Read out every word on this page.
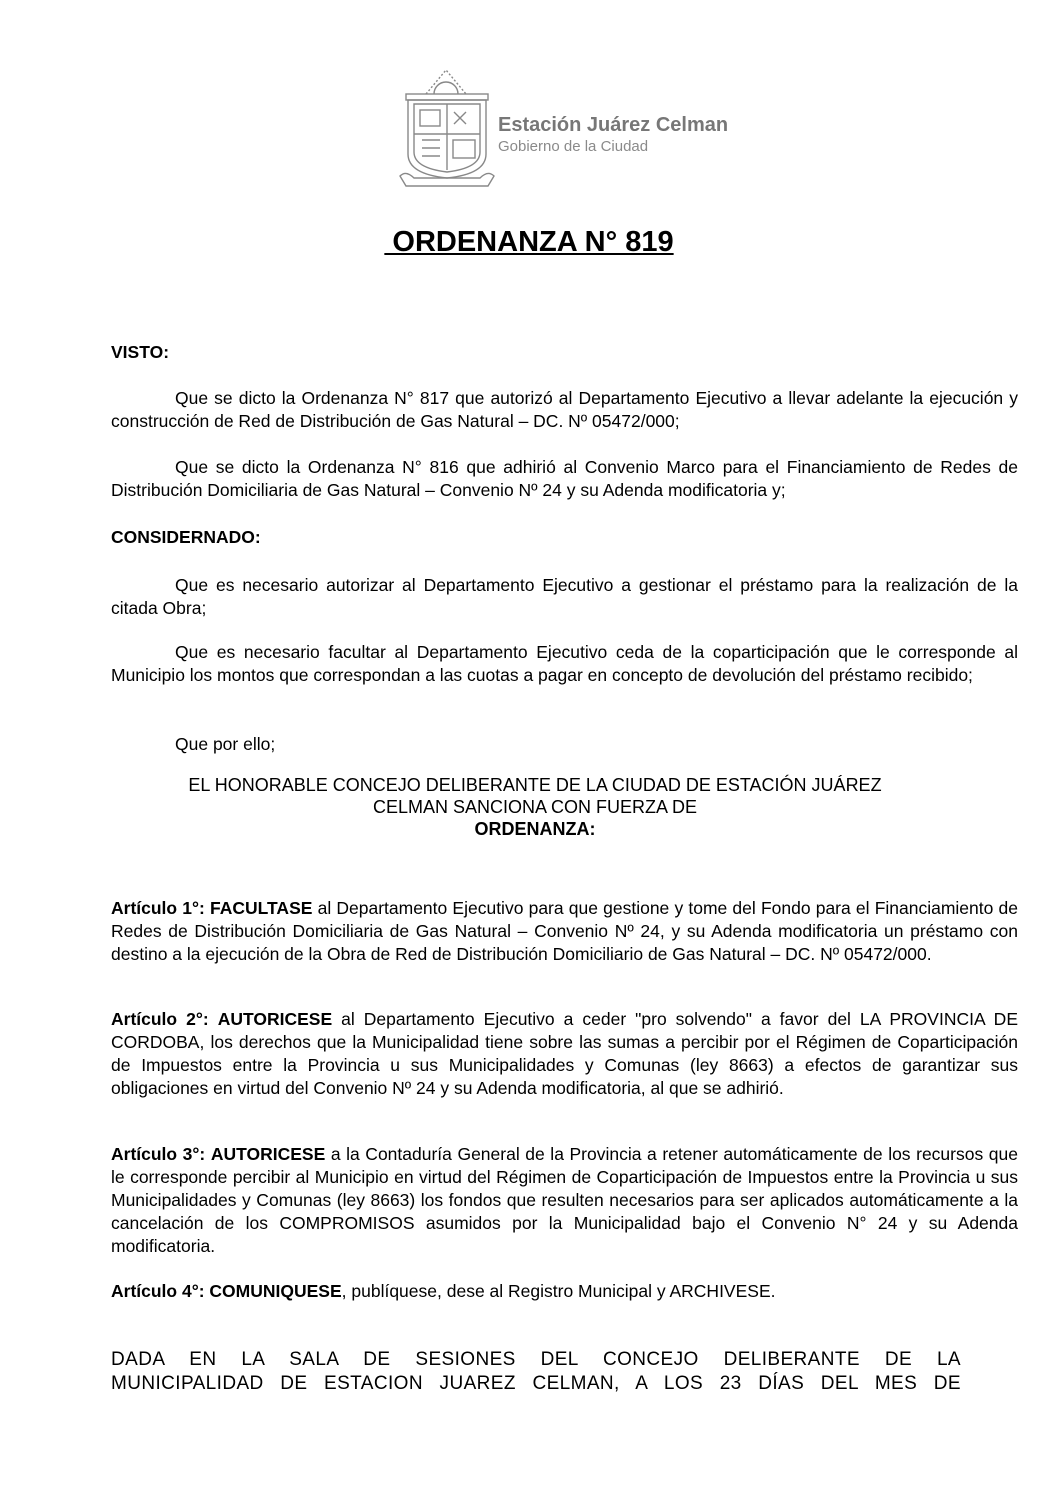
Estación Juárez Celman
Gobierno de la Ciudad
ORDENANZA N° 819
VISTO:
Que se dicto la Ordenanza N° 817 que autorizó al Departamento Ejecutivo a llevar adelante la ejecución y construcción de Red de Distribución de Gas Natural – DC. Nº 05472/000;
Que se dicto la Ordenanza N° 816 que adhirió al Convenio Marco para el Financiamiento de Redes de Distribución Domiciliaria de Gas Natural – Convenio Nº 24 y su Adenda modificatoria y;
CONSIDERNADO:
Que es necesario autorizar al Departamento Ejecutivo a gestionar el préstamo para la realización de la citada Obra;
Que es necesario facultar al Departamento Ejecutivo ceda de la coparticipación que le corresponde al Municipio los montos que correspondan a las cuotas a pagar en concepto de devolución del préstamo recibido;
Que por ello;
EL HONORABLE CONCEJO DELIBERANTE DE LA CIUDAD DE ESTACIÓN JUÁREZ
CELMAN SANCIONA CON FUERZA DE
ORDENANZA:
Artículo 1°: FACULTASE al Departamento Ejecutivo para que gestione y tome del Fondo para el Financiamiento de Redes de Distribución Domiciliaria de Gas Natural – Convenio Nº 24, y su Adenda modificatoria un préstamo con destino a la ejecución de la Obra de Red de Distribución Domiciliario de Gas Natural – DC. Nº 05472/000.
Artículo 2°: AUTORICESE al Departamento Ejecutivo a ceder "pro solvendo" a favor del LA PROVINCIA DE CORDOBA, los derechos que la Municipalidad tiene sobre las sumas a percibir por el Régimen de Coparticipación de Impuestos entre la Provincia u sus Municipalidades y Comunas (ley 8663) a efectos de garantizar sus obligaciones en virtud del Convenio Nº 24 y su Adenda modificatoria, al que se adhirió.
Artículo 3°: AUTORICESE a la Contaduría General de la Provincia a retener automáticamente de los recursos que le corresponde percibir al Municipio en virtud del Régimen de Coparticipación de Impuestos entre la Provincia u sus Municipalidades y Comunas (ley 8663) los fondos que resulten necesarios para ser aplicados automáticamente a la cancelación de los COMPROMISOS asumidos por la Municipalidad bajo el Convenio N° 24 y su Adenda modificatoria.
Artículo 4°: COMUNIQUESE, publíquese, dese al Registro Municipal y ARCHIVESE.
DADA EN LA SALA DE SESIONES DEL CONCEJO DELIBERANTE DE LA
MUNICIPALIDAD DE ESTACION JUAREZ CELMAN, A LOS 23 DÍAS DEL MES DE
